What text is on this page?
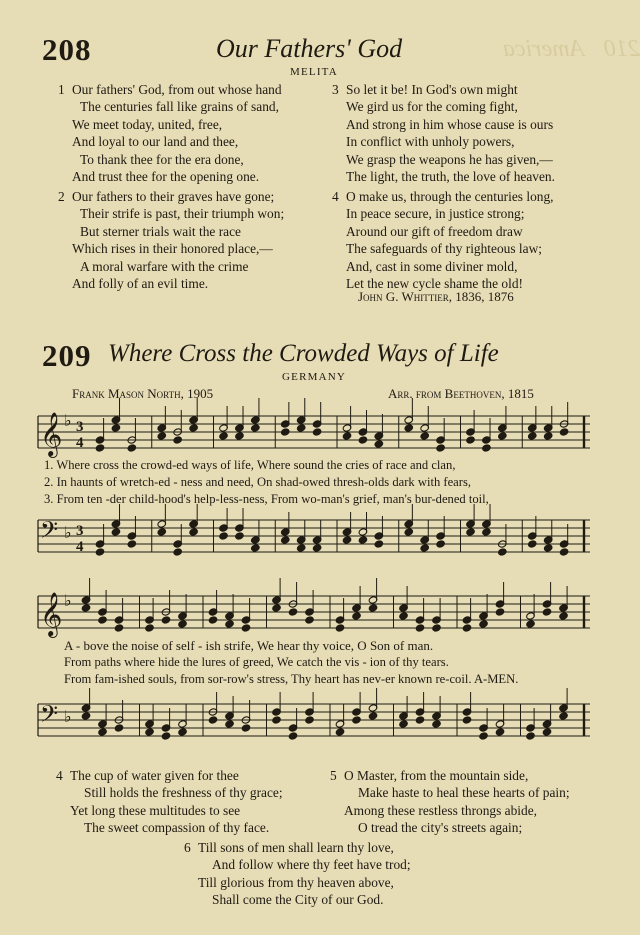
America 210
208	Our Fathers' God
MELITA
1 Our fathers' God, from out whose hand
The centuries fall like grains of sand,
We meet today, united, free,
And loyal to our land and thee,
To thank thee for the era done,
And trust thee for the opening one.
2 Our fathers to their graves have gone;
Their strife is past, their triumph won;
But sterner trials wait the race
Which rises in their honored place,—
A moral warfare with the crime
And folly of an evil time.
3 So let it be! In God's own might
We gird us for the coming fight,
And strong in him whose cause is ours
In conflict with unholy powers,
We grasp the weapons he has given,—
The light, the truth, the love of heaven.
4 O make us, through the centuries long,
In peace secure, in justice strong;
Around our gift of freedom draw
The safeguards of thy righteous law;
And, cast in some diviner mold,
Let the new cycle shame the old!
John G. Whittier, 1836, 1876
209 Where Cross the Crowded Ways of Life
GERMANY
Frank Mason North, 1905	Arr. from Beethoven, 1815
𝄞 ♭ 3
4
1. Where cross the crowd-ed ways of life, Where sound the cries of race and clan,
2. In haunts of wretch-ed - ness and need, On shad-owed thresh-olds dark with fears,
3. From ten -der child-hood's help-less-ness, From wo-man's grief, man's bur-dened toil,
𝄢 ♭ 3
4
𝄞 ♭
A - bove the noise of self - ish strife, We hear thy voice, O Son of man.
From paths where hide the lures of greed, We catch the vis - ion of thy tears.
From fam-ished souls, from sor-row's stress, Thy heart has nev-er known re-coil. A-MEN.
𝄢 ♭
4 The cup of water given for thee
Still holds the freshness of thy grace;
Yet long these multitudes to see
The sweet compassion of thy face.
5 O Master, from the mountain side,
Make haste to heal these hearts of pain;
Among these restless throngs abide,
O tread the city's streets again;
6 Till sons of men shall learn thy love,
And follow where thy feet have trod;
Till glorious from thy heaven above,
Shall come the City of our God.
